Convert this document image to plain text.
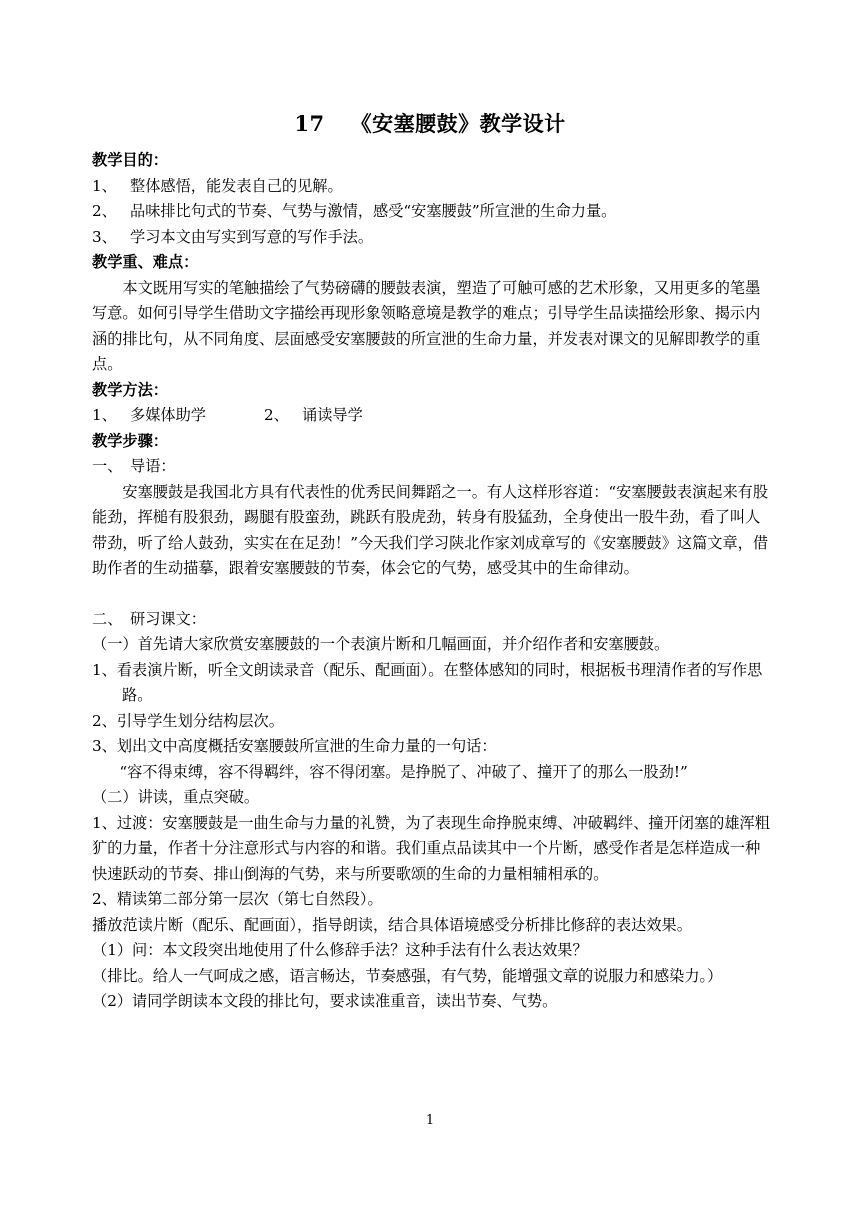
17 《安塞腰鼓》教学设计

教学目的：

1、 整体感悟，能发表自己的见解。

2、 品味排比句式的节奏、气势与激情，感受“安塞腰鼓”所宣泄的生命力量。

3、 学习本文由写实到写意的写作手法。

教学重、难点：

本文既用写实的笔触描绘了气势磅礴的腰鼓表演，塑造了可触可感的艺术形象，又用更多的笔墨写意。如何引导学生借助文字描绘再现形象领略意境是教学的难点；引导学生品读描绘形象、揭示内涵的排比句，从不同角度、层面感受安塞腰鼓的所宣泄的生命力量，并发表对课文的见解即教学的重点。

教学方法：

1、 多媒体助学	2、 诵读导学

教学步骤：

一、 导语：

安塞腰鼓是我国北方具有代表性的优秀民间舞蹈之一。有人这样形容道：“安塞腰鼓表演起来有股能劲，挥槌有股狠劲，踢腿有股蛮劲，跳跃有股虎劲，转身有股猛劲，全身使出一股牛劲，看了叫人带劲，听了给人鼓劲，实实在在足劲！”今天我们学习陕北作家刘成章写的《安塞腰鼓》这篇文章，借助作者的生动描摹，跟着安塞腰鼓的节奏，体会它的气势，感受其中的生命律动。

二、 研习课文：

（一）首先请大家欣赏安塞腰鼓的一个表演片断和几幅画面，并介绍作者和安塞腰鼓。

1、看表演片断，听全文朗读录音（配乐、配画面）。在整体感知的同时，根据板书理清作者的写作思路。

2、引导学生划分结构层次。

3、划出文中高度概括安塞腰鼓所宣泄的生命力量的一句话：

“容不得束缚，容不得羁绊，容不得闭塞。是挣脱了、冲破了、撞开了的那么一股劲!”

（二）讲读，重点突破。

1、过渡：安塞腰鼓是一曲生命与力量的礼赞，为了表现生命挣脱束缚、冲破羁绊、撞开闭塞的雄浑粗犷的力量，作者十分注意形式与内容的和谐。我们重点品读其中一个片断，感受作者是怎样造成一种快速跃动的节奏、排山倒海的气势，来与所要歌颂的生命的力量相辅相承的。

2、精读第二部分第一层次（第七自然段）。

播放范读片断（配乐、配画面），指导朗读，结合具体语境感受分析排比修辞的表达效果。

（1）问：本文段突出地使用了什么修辞手法？这种手法有什么表达效果？

（排比。给人一气呵成之感，语言畅达，节奏感强，有气势，能增强文章的说服力和感染力。）

（2）请同学朗读本文段的排比句，要求读准重音，读出节奏、气势。

1
